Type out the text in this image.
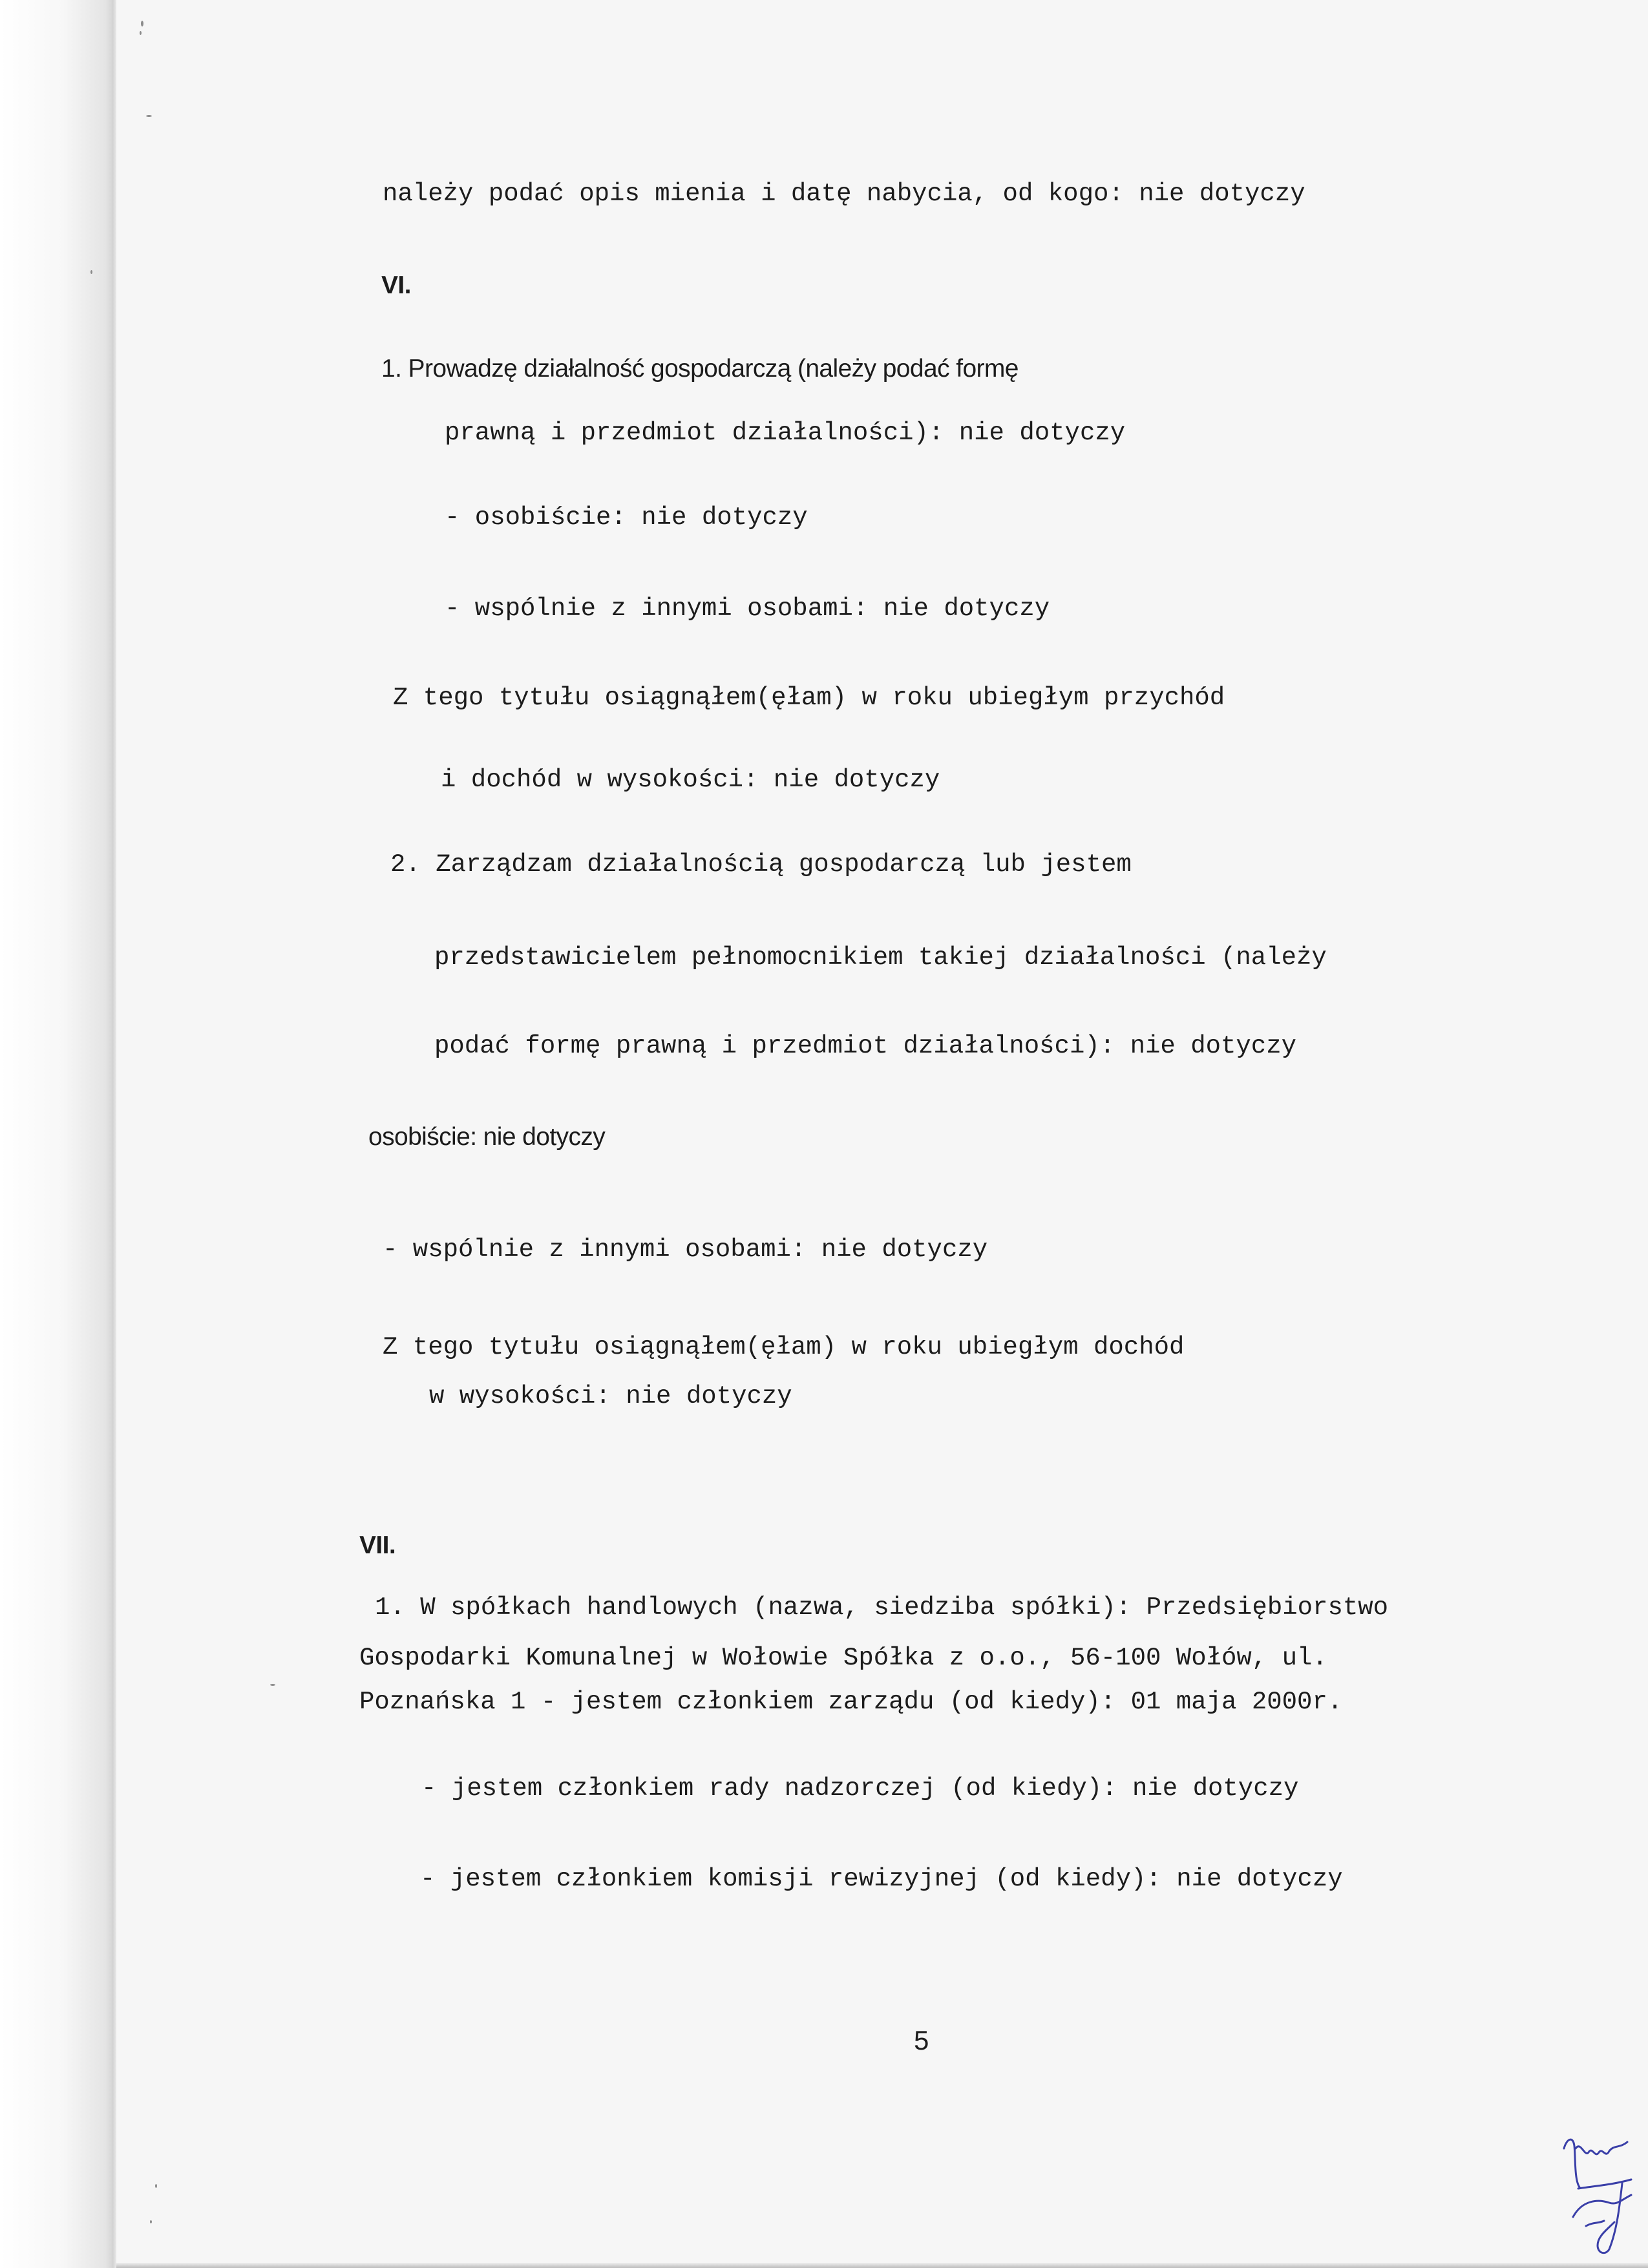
należy podać opis mienia i datę nabycia, od kogo: nie dotyczy

VI.

1. Prowadzę działalność gospodarczą (należy podać formę

prawną i przedmiot działalności): nie dotyczy

- osobiście: nie dotyczy

- wspólnie z innymi osobami: nie dotyczy

Z tego tytułu osiągnąłem(ęłam) w roku ubiegłym przychód

i dochód w wysokości: nie dotyczy

2. Zarządzam działalnością gospodarczą lub jestem

przedstawicielem pełnomocnikiem takiej działalności (należy

podać formę prawną i przedmiot działalności): nie dotyczy

osobiście: nie dotyczy

- wspólnie z innymi osobami: nie dotyczy

Z tego tytułu osiągnąłem(ęłam) w roku ubiegłym dochód

w wysokości: nie dotyczy

VII.

1. W spółkach handlowych (nazwa, siedziba spółki): Przedsiębiorstwo

Gospodarki Komunalnej w Wołowie Spółka z o.o., 56-100 Wołów, ul.

Poznańska 1 - jestem członkiem zarządu (od kiedy): 01 maja 2000r.

- jestem członkiem rady nadzorczej (od kiedy): nie dotyczy

- jestem członkiem komisji rewizyjnej (od kiedy): nie dotyczy

5
